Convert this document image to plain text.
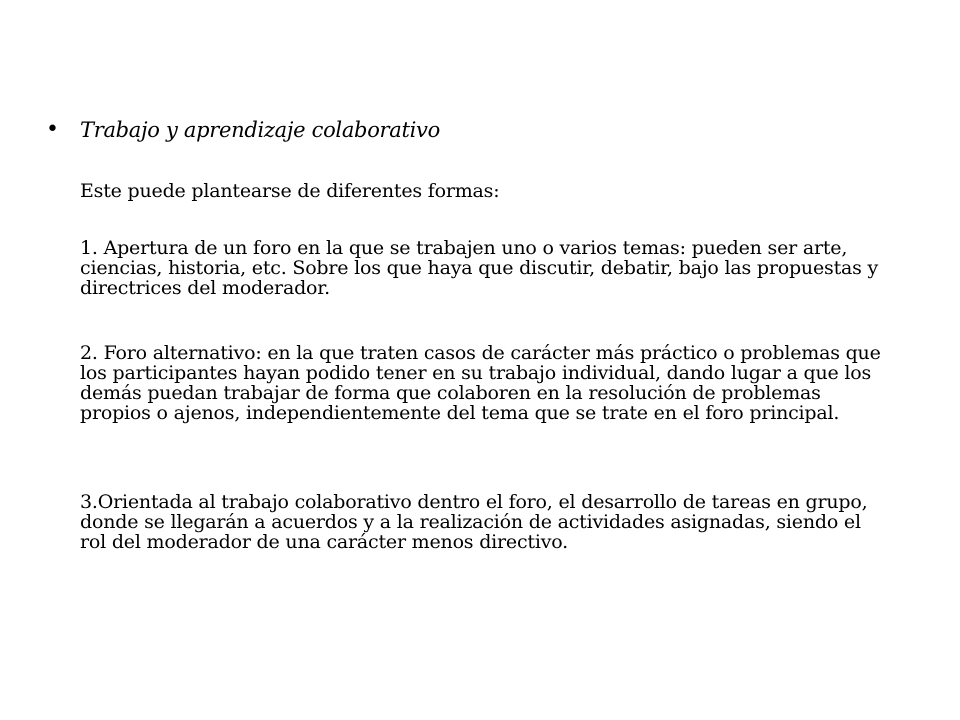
• Trabajo y aprendizaje colaborativo

Este puede plantearse de diferentes formas:

1. Apertura de un foro en la que se trabajen uno o varios temas: pueden ser arte, ciencias, historia, etc. Sobre los que haya que discutir, debatir, bajo las propuestas y directrices del moderador.

2. Foro alternativo: en la que traten casos de carácter más práctico o problemas que los participantes hayan podido tener en su trabajo individual, dando lugar a que los demás puedan trabajar de forma que colaboren en la resolución de problemas propios o ajenos, independientemente del tema que se trate en el foro principal.

3.Orientada al trabajo colaborativo dentro el foro, el desarrollo de tareas en grupo, donde se llegarán a acuerdos y a la realización de actividades asignadas, siendo el rol del moderador de una carácter menos directivo.
